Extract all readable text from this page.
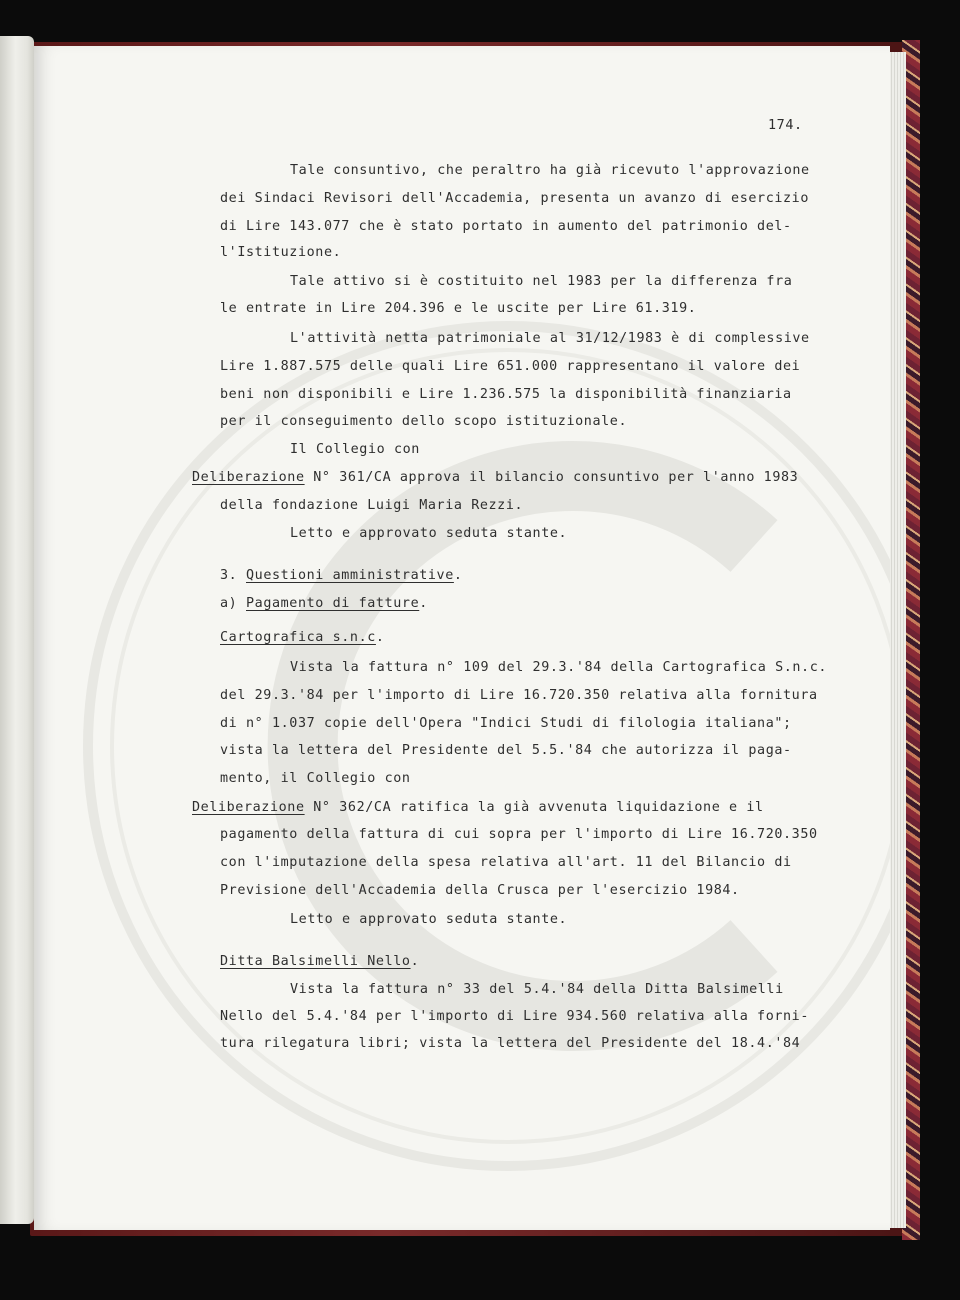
174.
Tale consuntivo, che peraltro ha già ricevuto l'approvazione
dei Sindaci Revisori dell'Accademia, presenta un avanzo di esercizio
di Lire 143.077 che è stato portato in aumento del patrimonio del-
l'Istituzione.
Tale attivo si è costituito nel 1983 per la differenza fra
le entrate in Lire 204.396 e le uscite per Lire 61.319.
L'attività netta patrimoniale al 31/12/1983 è di complessive
Lire 1.887.575 delle quali Lire 651.000 rappresentano il valore dei
beni non disponibili e Lire 1.236.575 la disponibilità finanziaria
per il conseguimento dello scopo istituzionale.
Il Collegio con
Deliberazione N° 361/CA approva il bilancio consuntivo per l'anno 1983
della fondazione Luigi Maria Rezzi.
Letto e approvato seduta stante.
3. Questioni amministrative.
a) Pagamento di fatture.
Cartografica s.n.c.
Vista la fattura n° 109 del 29.3.'84 della Cartografica S.n.c.
del 29.3.'84 per l'importo di Lire 16.720.350 relativa alla fornitura
di n° 1.037 copie dell'Opera "Indici Studi di filologia italiana";
vista la lettera del Presidente del 5.5.'84 che autorizza il paga-
mento, il Collegio con
Deliberazione N° 362/CA ratifica la già avvenuta liquidazione e il
pagamento della fattura di cui sopra per l'importo di Lire 16.720.350
con l'imputazione della spesa relativa all'art. 11 del Bilancio di
Previsione dell'Accademia della Crusca per l'esercizio 1984.
Letto e approvato seduta stante.
Ditta Balsimelli Nello.
Vista la fattura n° 33 del 5.4.'84 della Ditta Balsimelli
Nello del 5.4.'84 per l'importo di Lire 934.560 relativa alla forni-
tura rilegatura libri; vista la lettera del Presidente del 18.4.'84
